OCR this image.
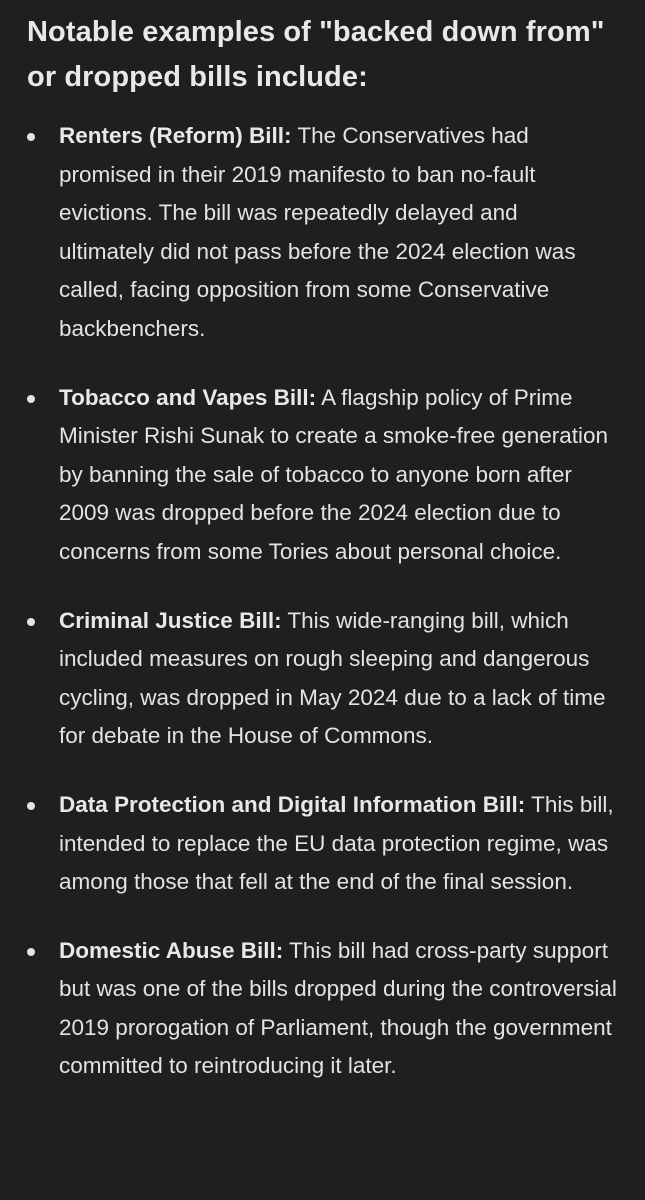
Notable examples of "backed down from" or dropped bills include:
Renters (Reform) Bill: The Conservatives had promised in their 2019 manifesto to ban no-fault evictions. The bill was repeatedly delayed and ultimately did not pass before the 2024 election was called, facing opposition from some Conservative backbenchers.
Tobacco and Vapes Bill: A flagship policy of Prime Minister Rishi Sunak to create a smoke-free generation by banning the sale of tobacco to anyone born after 2009 was dropped before the 2024 election due to concerns from some Tories about personal choice.
Criminal Justice Bill: This wide-ranging bill, which included measures on rough sleeping and dangerous cycling, was dropped in May 2024 due to a lack of time for debate in the House of Commons.
Data Protection and Digital Information Bill: This bill, intended to replace the EU data protection regime, was among those that fell at the end of the final session.
Domestic Abuse Bill: This bill had cross-party support but was one of the bills dropped during the controversial 2019 prorogation of Parliament, though the government committed to reintroducing it later.
